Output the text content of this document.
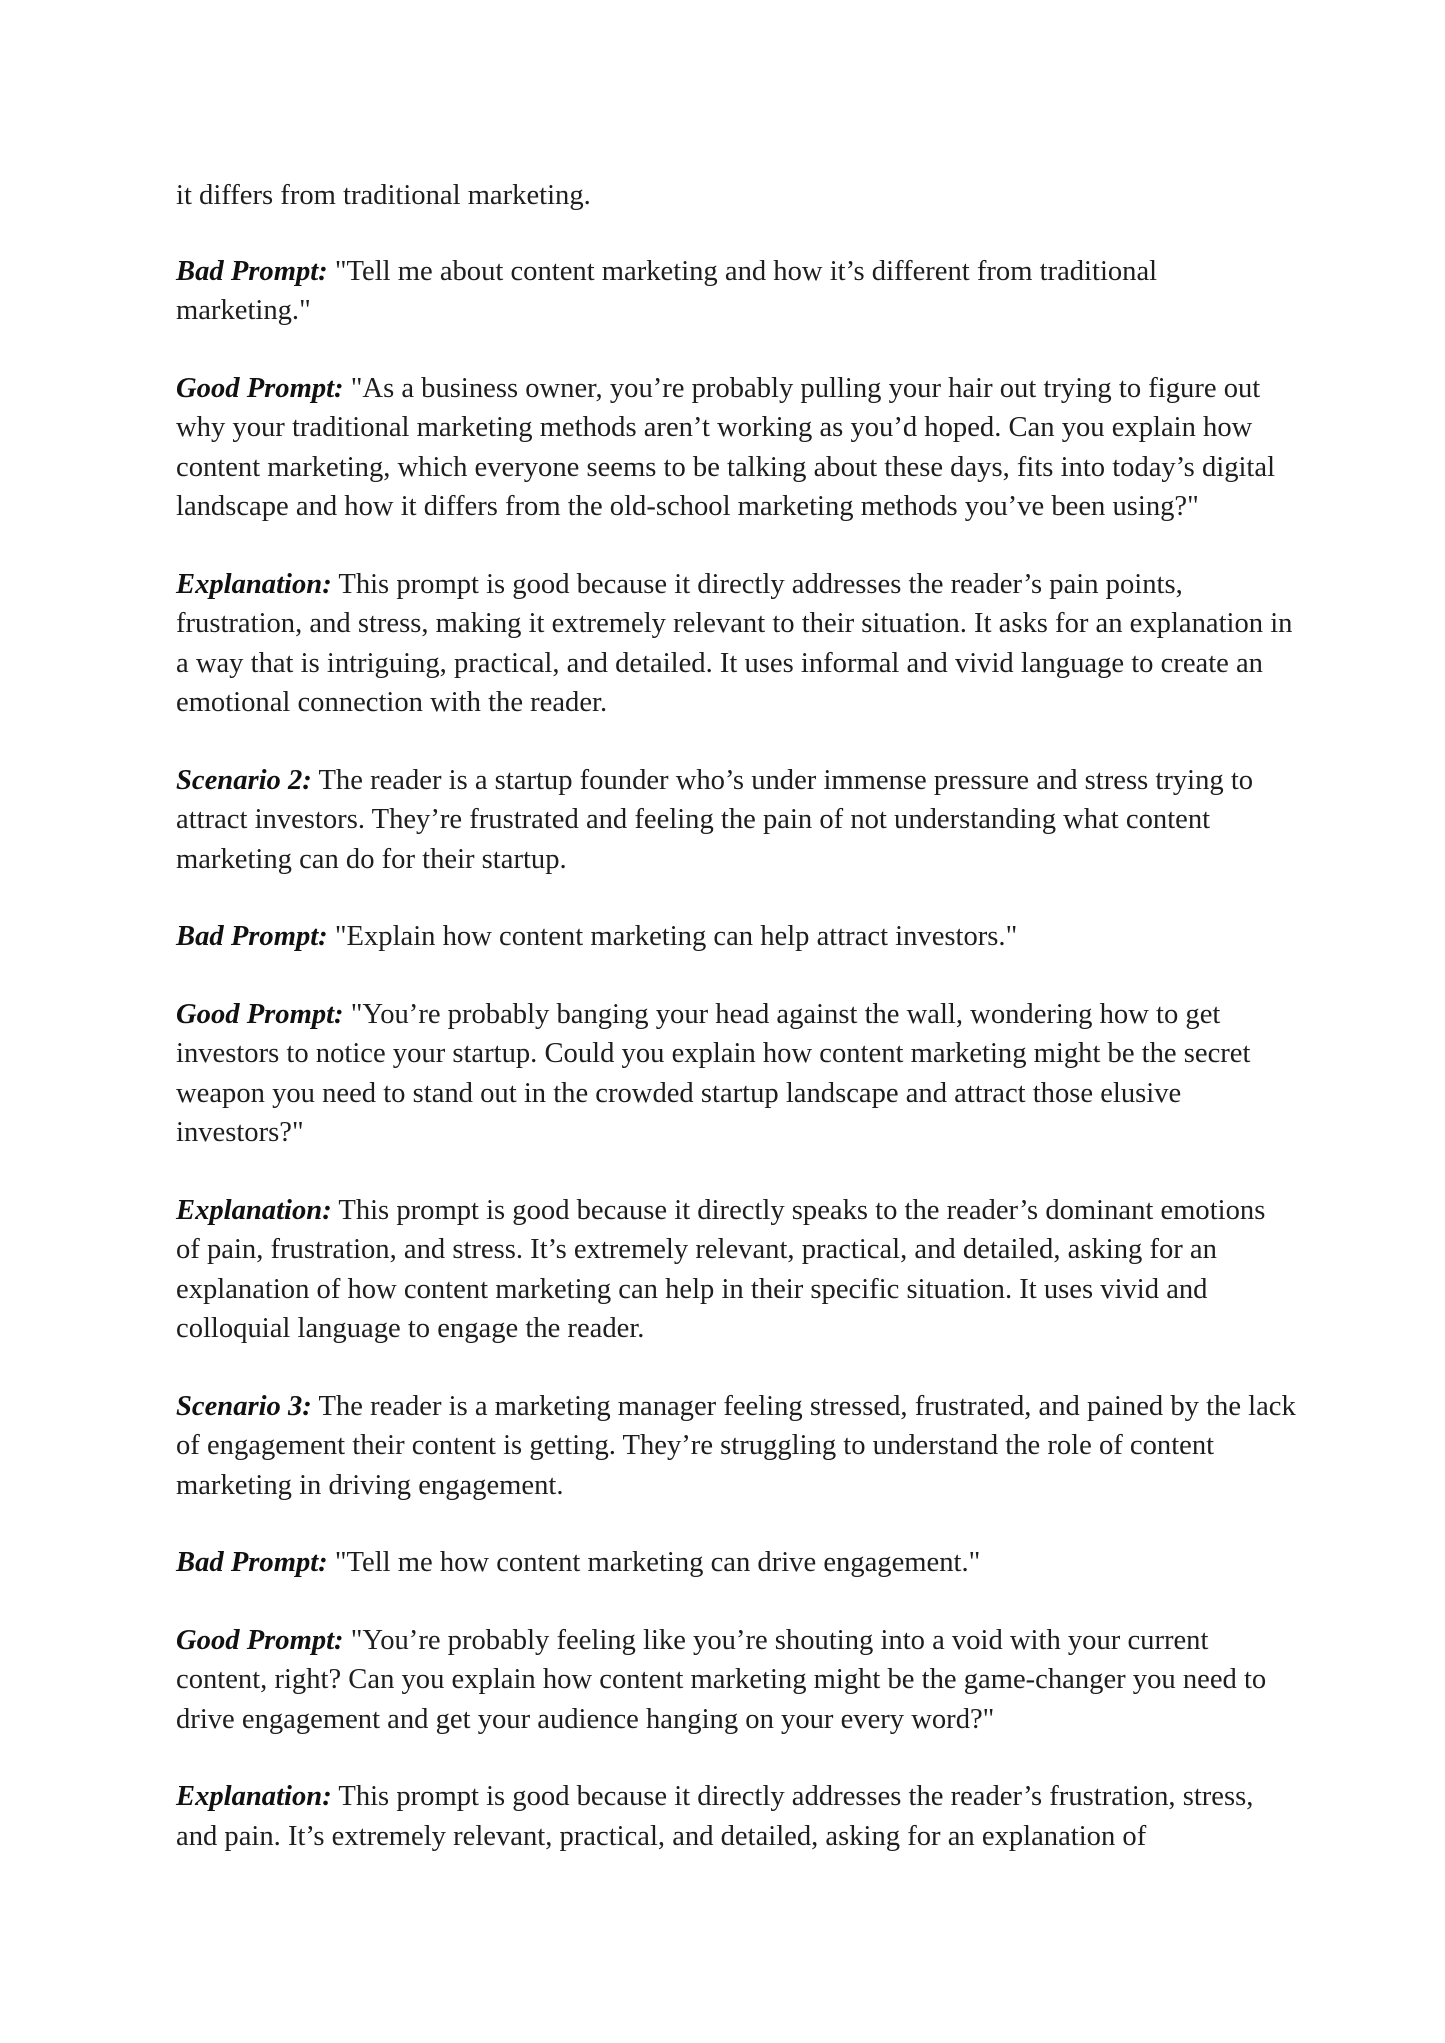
it differs from traditional marketing.

Bad Prompt: "Tell me about content marketing and how it’s different from traditional marketing."

Good Prompt: "As a business owner, you’re probably pulling your hair out trying to figure out why your traditional marketing methods aren’t working as you’d hoped. Can you explain how content marketing, which everyone seems to be talking about these days, fits into today’s digital landscape and how it differs from the old-school marketing methods you’ve been using?"

Explanation: This prompt is good because it directly addresses the reader’s pain points, frustration, and stress, making it extremely relevant to their situation. It asks for an explanation in a way that is intriguing, practical, and detailed. It uses informal and vivid language to create an emotional connection with the reader.

Scenario 2: The reader is a startup founder who’s under immense pressure and stress trying to attract investors. They’re frustrated and feeling the pain of not understanding what content marketing can do for their startup.

Bad Prompt: "Explain how content marketing can help attract investors."

Good Prompt: "You’re probably banging your head against the wall, wondering how to get investors to notice your startup. Could you explain how content marketing might be the secret weapon you need to stand out in the crowded startup landscape and attract those elusive investors?"

Explanation: This prompt is good because it directly speaks to the reader’s dominant emotions of pain, frustration, and stress. It’s extremely relevant, practical, and detailed, asking for an explanation of how content marketing can help in their specific situation. It uses vivid and colloquial language to engage the reader.

Scenario 3: The reader is a marketing manager feeling stressed, frustrated, and pained by the lack of engagement their content is getting. They’re struggling to understand the role of content marketing in driving engagement.

Bad Prompt: "Tell me how content marketing can drive engagement."

Good Prompt: "You’re probably feeling like you’re shouting into a void with your current content, right? Can you explain how content marketing might be the game-changer you need to drive engagement and get your audience hanging on your every word?"

Explanation: This prompt is good because it directly addresses the reader’s frustration, stress, and pain. It’s extremely relevant, practical, and detailed, asking for an explanation of
